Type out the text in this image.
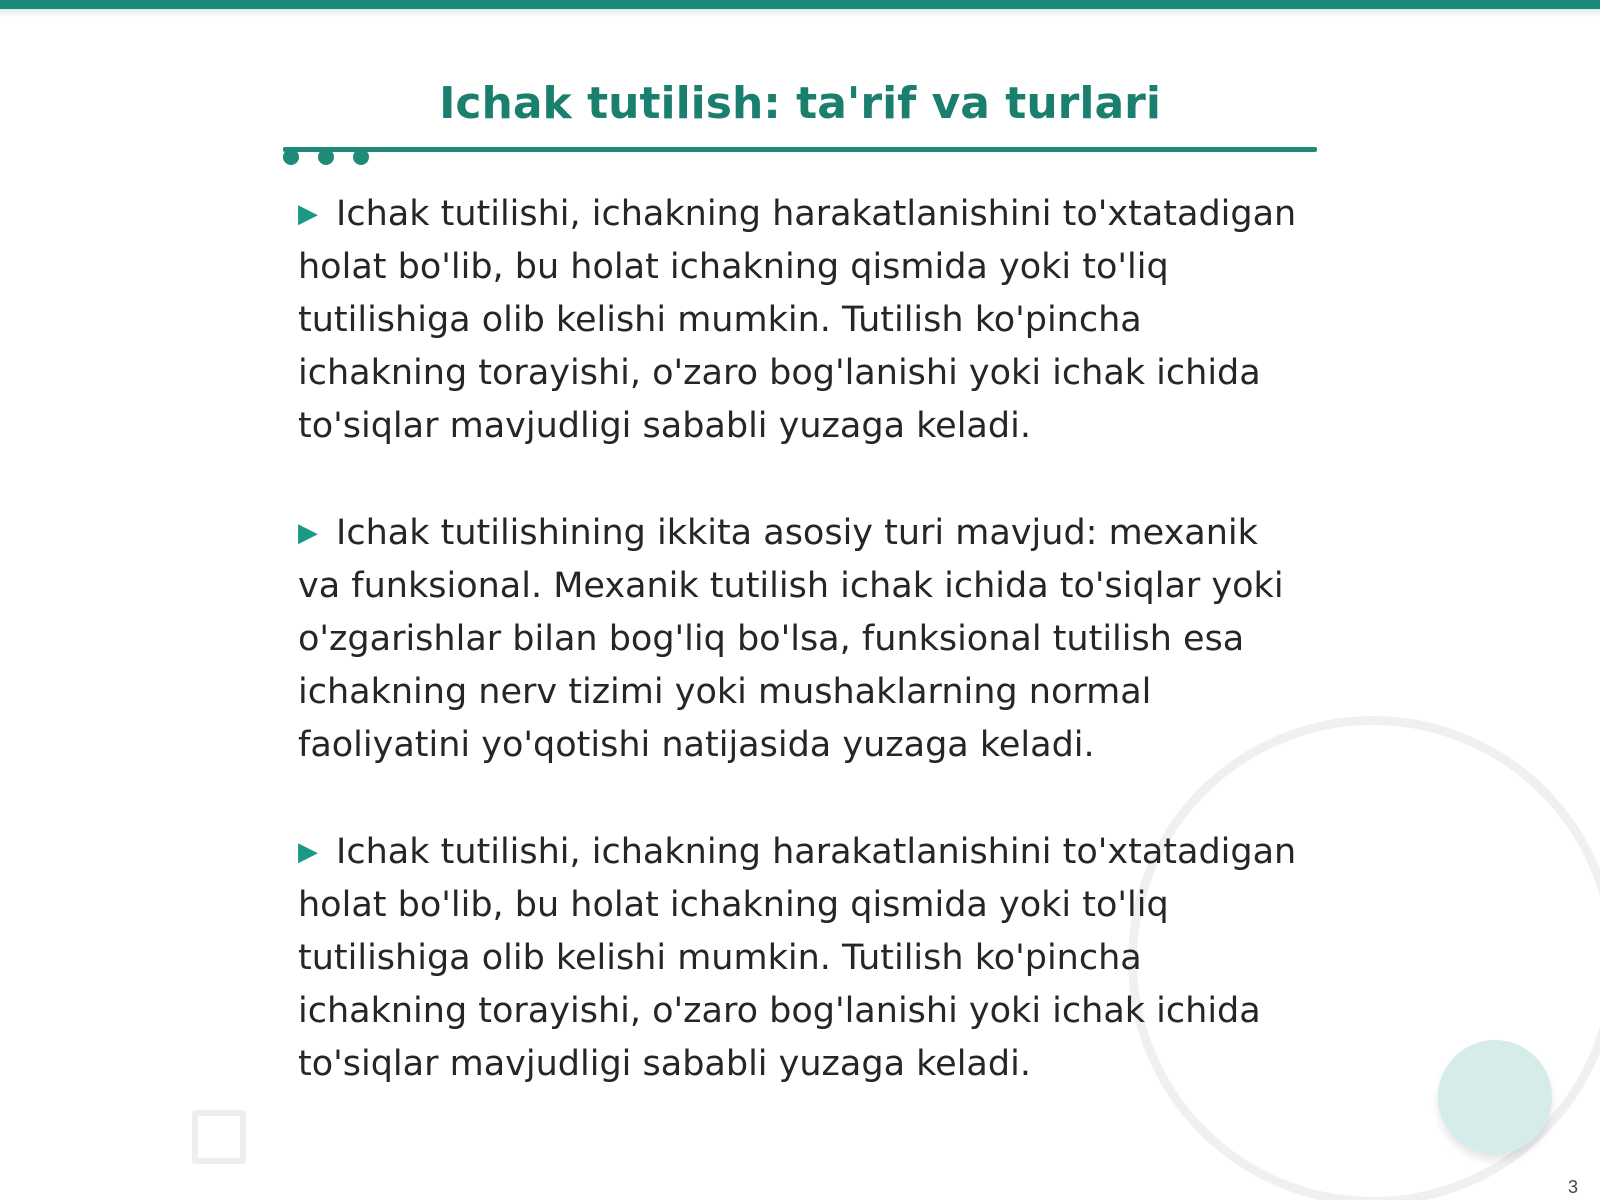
Ichak tutilish: ta'rif va turlari

▶ Ichak tutilishi, ichakning harakatlanishini to'xtatadigan holat bo'lib, bu holat ichakning qismida yoki to'liq tutilishiga olib kelishi mumkin. Tutilish ko'pincha ichakning torayishi, o'zaro bog'lanishi yoki ichak ichida to'siqlar mavjudligi sababli yuzaga keladi.

▶ Ichak tutilishining ikkita asosiy turi mavjud: mexanik va funksional. Mexanik tutilish ichak ichida to'siqlar yoki o'zgarishlar bilan bog'liq bo'lsa, funksional tutilish esa ichakning nerv tizimi yoki mushaklarning normal faoliyatini yo'qotishi natijasida yuzaga keladi.

▶ Ichak tutilishi, ichakning harakatlanishini to'xtatadigan holat bo'lib, bu holat ichakning qismida yoki to'liq tutilishiga olib kelishi mumkin. Tutilish ko'pincha ichakning torayishi, o'zaro bog'lanishi yoki ichak ichida to'siqlar mavjudligi sababli yuzaga keladi.

3
